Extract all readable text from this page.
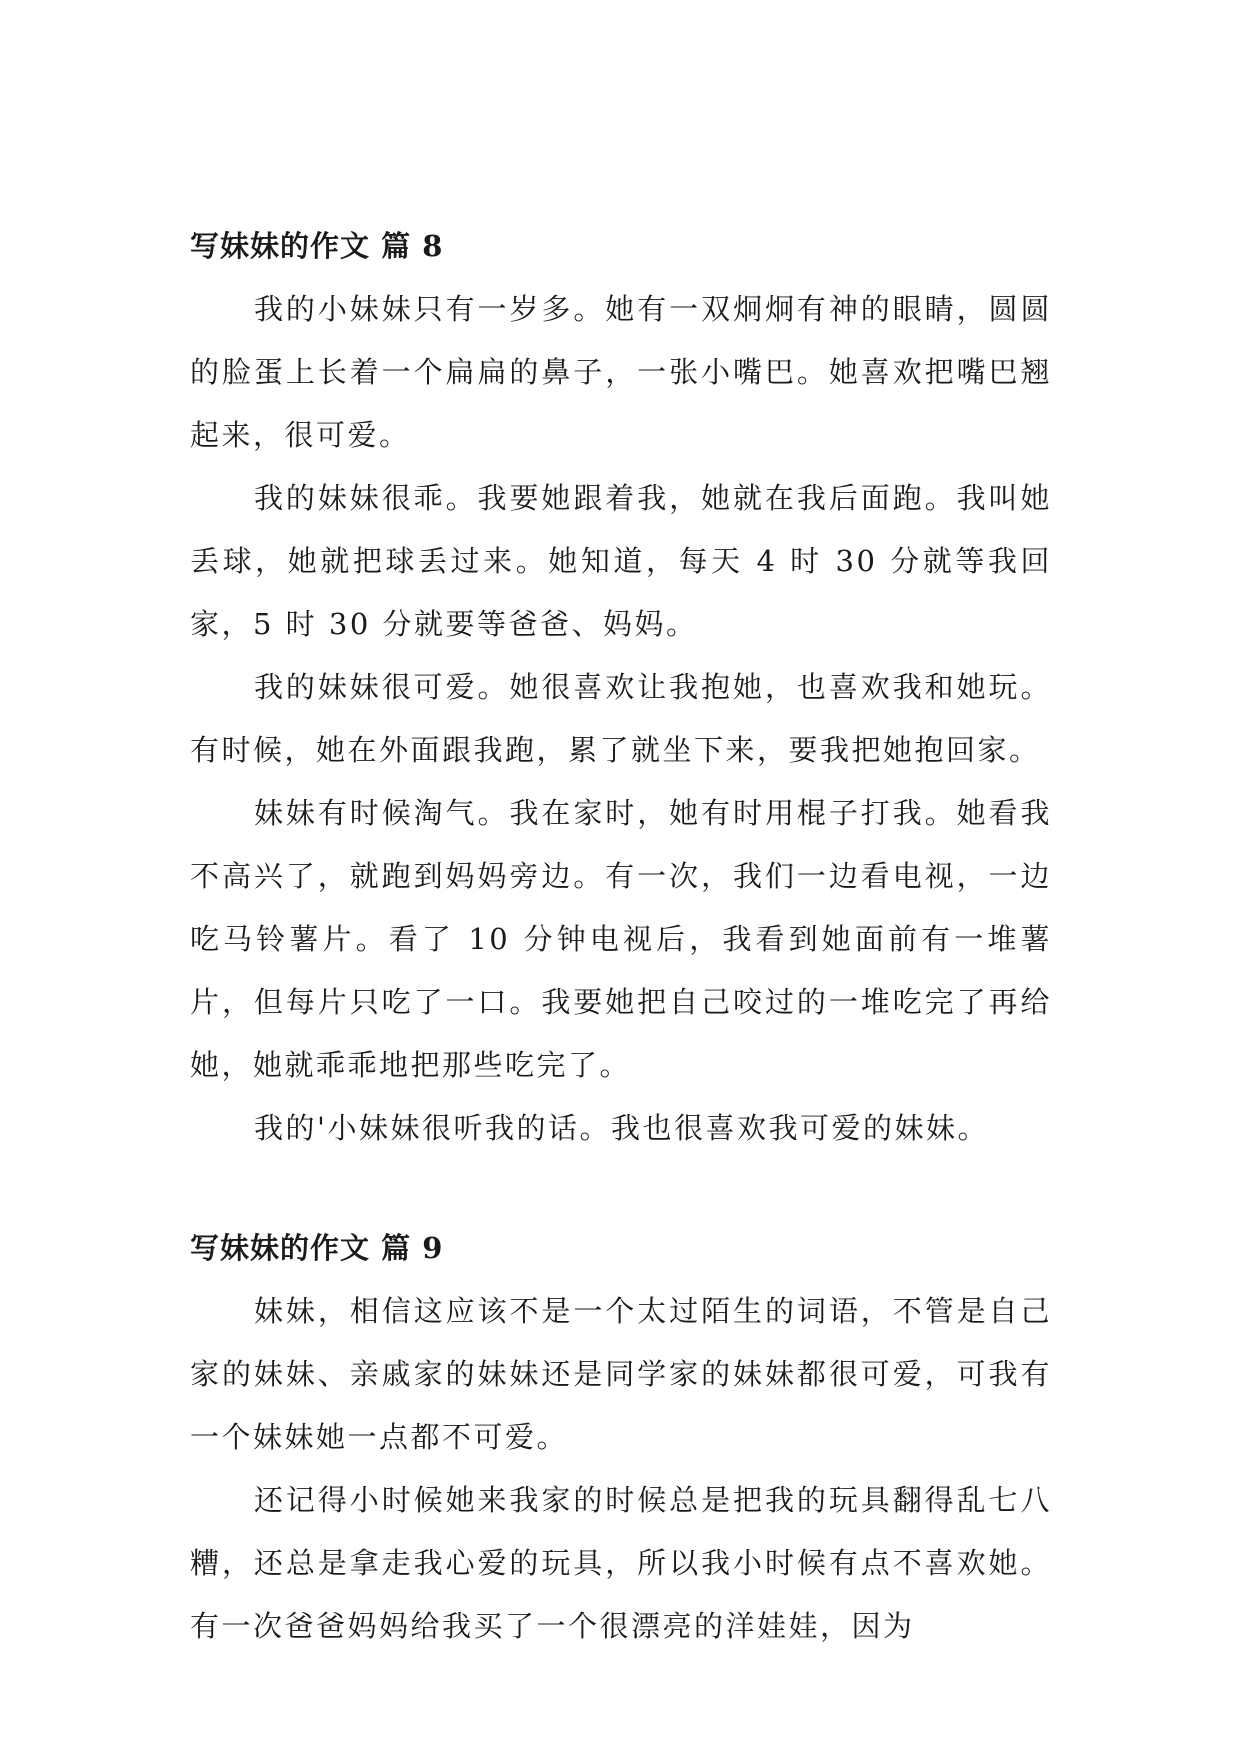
写妹妹的作文 篇 8

我的小妹妹只有一岁多。她有一双炯炯有神的眼睛，圆圆的脸蛋上长着一个扁扁的鼻子，一张小嘴巴。她喜欢把嘴巴翘起来，很可爱。

我的妹妹很乖。我要她跟着我，她就在我后面跑。我叫她丢球，她就把球丢过来。她知道，每天 4 时 30 分就等我回家，5 时 30 分就要等爸爸、妈妈。

我的妹妹很可爱。她很喜欢让我抱她，也喜欢我和她玩。有时候，她在外面跟我跑，累了就坐下来，要我把她抱回家。

妹妹有时候淘气。我在家时，她有时用棍子打我。她看我不高兴了，就跑到妈妈旁边。有一次，我们一边看电视，一边吃马铃薯片。看了 10 分钟电视后，我看到她面前有一堆薯片，但每片只吃了一口。我要她把自己咬过的一堆吃完了再给她，她就乖乖地把那些吃完了。

我的'小妹妹很听我的话。我也很喜欢我可爱的妹妹。

写妹妹的作文 篇 9

妹妹，相信这应该不是一个太过陌生的词语，不管是自己家的妹妹、亲戚家的妹妹还是同学家的妹妹都很可爱，可我有一个妹妹她一点都不可爱。

还记得小时候她来我家的时候总是把我的玩具翻得乱七八糟，还总是拿走我心爱的玩具，所以我小时候有点不喜欢她。有一次爸爸妈妈给我买了一个很漂亮的洋娃娃，因为
